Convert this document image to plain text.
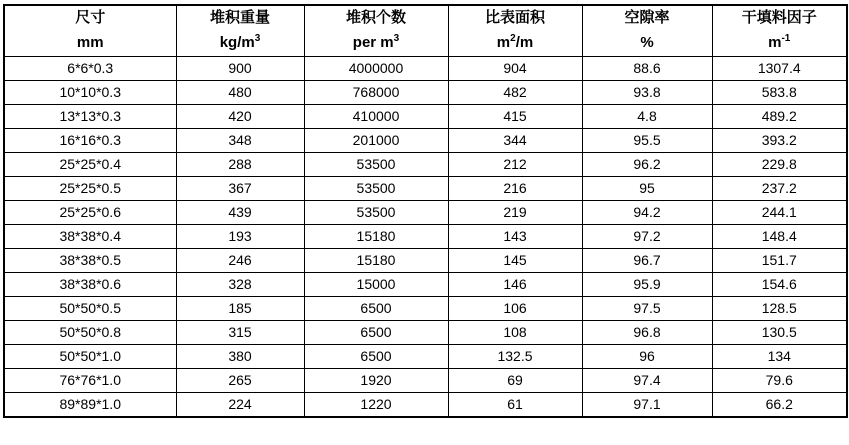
尺寸	堆积重量	堆积个数	比表面积	空隙率	干填料因子
mm	$kg/m^3$	per $m^3$	$m^2/m$	%	$m^{-1}$
6*6*0.3	900	4000000	904	88.6	1307.4
10*10*0.3	480	768000	482	93.8	583.8
13*13*0.3	420	410000	415	4.8	489.2
16*16*0.3	348	201000	344	95.5	393.2
25*25*0.4	288	53500	212	96.2	229.8
25*25*0.5	367	53500	216	95	237.2
25*25*0.6	439	53500	219	94.2	244.1
38*38*0.4	193	15180	143	97.2	148.4
38*38*0.5	246	15180	145	96.7	151.7
38*38*0.6	328	15000	146	95.9	154.6
50*50*0.5	185	6500	106	97.5	128.5
50*50*0.8	315	6500	108	96.8	130.5
50*50*1.0	380	6500	132.5	96	134
76*76*1.0	265	1920	69	97.4	79.6
89*89*1.0	224	1220	61	97.1	66.2
